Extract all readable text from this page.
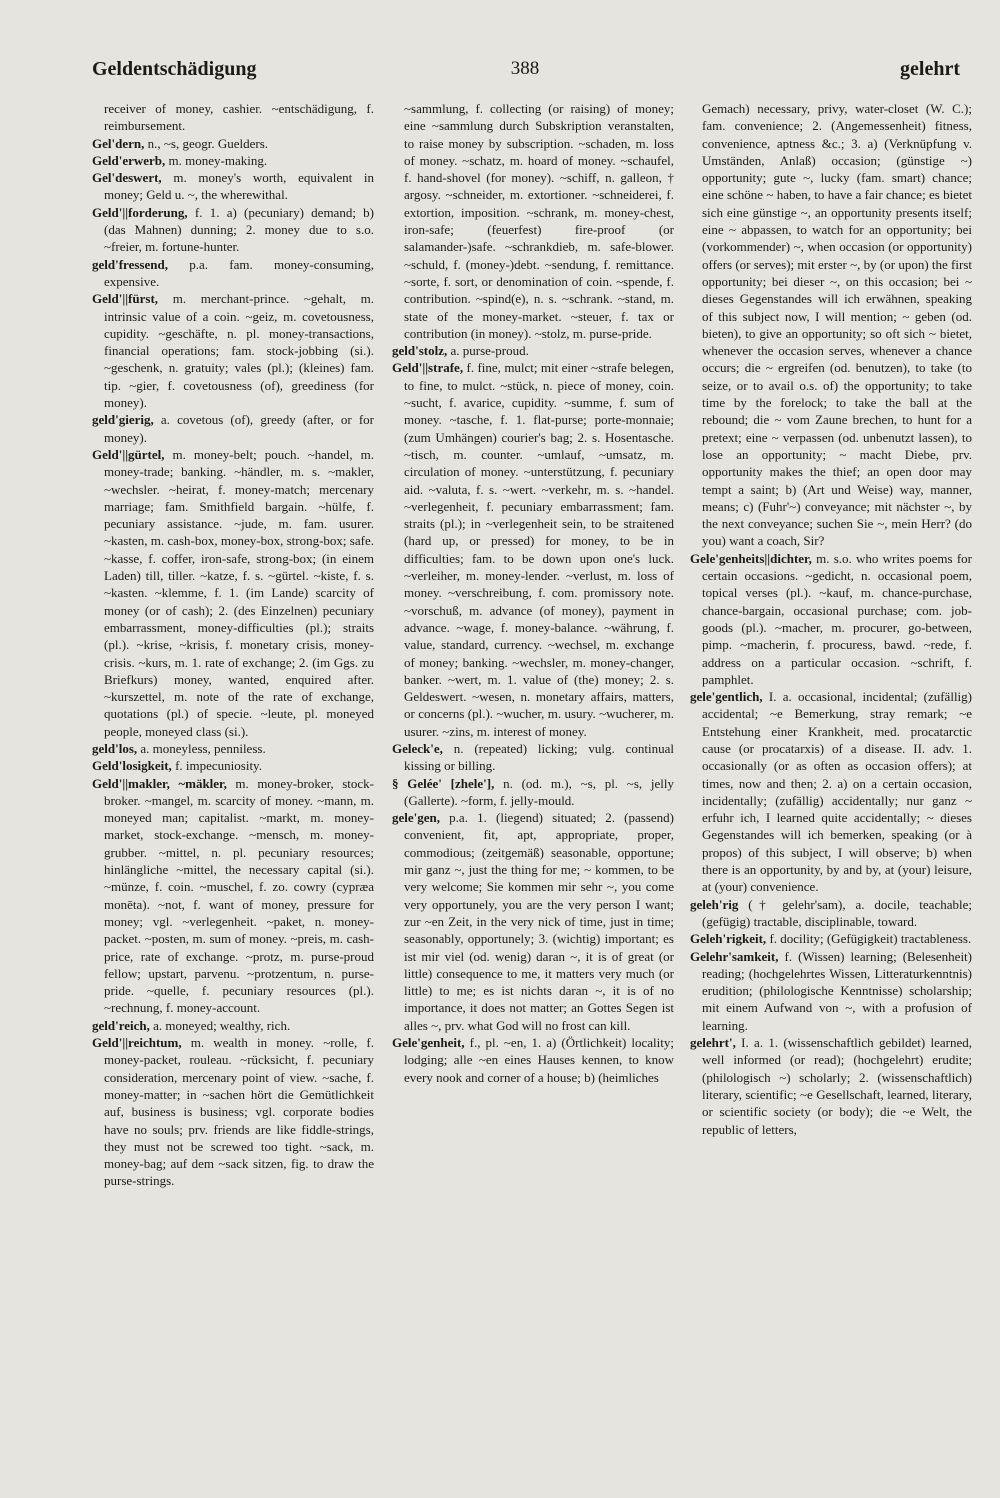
Geldentschädigung	388	gelehrt

receiver of money, cashier. ~entschädigung, f. reimbursement.

Gel'dern, n., ~s, geogr. Guelders.

Geld'erwerb, m. money-making.

Gel'deswert, m. money's worth, equivalent in money; Geld u. ~, the wherewithal.

Geld'||forderung, f. 1. a) (pecuniary) demand; b) (das Mahnen) dunning; 2. money due to s.o. ~freier, m. fortune-hunter.

geld'fressend, p.a. fam. money-consuming, expensive.

Geld'||fürst, m. merchant-prince. ~gehalt, m. intrinsic value of a coin. ~geiz, m. covetousness, cupidity. ~geschäfte, n. pl. money-transactions, financial operations; fam. stock-jobbing (si.). ~geschenk, n. gratuity; vales (pl.); (kleines) fam. tip. ~gier, f. covetousness (of), greediness (for money).

geld'gierig, a. covetous (of), greedy (after, or for money).

Geld'||gürtel, m. money-belt; pouch. ~handel, m. money-trade; banking. ~händler, m. s. ~makler, ~wechsler. ~heirat, f. money-match; mercenary marriage; fam. Smithfield bargain. ~hülfe, f. pecuniary assistance. ~jude, m. fam. usurer. ~kasten, m. cash-box, money-box, strong-box; safe. ~kasse, f. coffer, iron-safe, strong-box; (in einem Laden) till, tiller. ~katze, f. s. ~gürtel. ~kiste, f. s. ~kasten. ~klemme, f. 1. (im Lande) scarcity of money (or of cash); 2. (des Einzelnen) pecuniary embarrassment, money-difficulties (pl.); straits (pl.). ~krise, ~krisis, f. monetary crisis, money-crisis. ~kurs, m. 1. rate of exchange; 2. (im Ggs. zu Briefkurs) money, wanted, enquired after. ~kurszettel, m. note of the rate of exchange, quotations (pl.) of specie. ~leute, pl. moneyed people, moneyed class (si.).

geld'los, a. moneyless, penniless.

Geld'losigkeit, f. impecuniosity.

Geld'||makler, ~mäkler, m. money-broker, stock-broker. ~mangel, m. scarcity of money. ~mann, m. moneyed man; capitalist. ~markt, m. money-market, stock-exchange. ~mensch, m. money-grubber. ~mittel, n. pl. pecuniary resources; hinlängliche ~mittel, the necessary capital (si.). ~münze, f. coin. ~muschel, f. zo. cowry (cypræa monēta). ~not, f. want of money, pressure for money; vgl. ~verlegenheit. ~paket, n. money-packet. ~posten, m. sum of money. ~preis, m. cash-price, rate of exchange. ~protz, m. purse-proud fellow; upstart, parvenu. ~protzentum, n. purse-pride. ~quelle, f. pecuniary resources (pl.). ~rechnung, f. money-account.

geld'reich, a. moneyed; wealthy, rich.

Geld'||reichtum, m. wealth in money. ~rolle, f. money-packet, rouleau. ~rücksicht, f. pecuniary consideration, mercenary point of view. ~sache, f. money-matter; in ~sachen hört die Gemütlichkeit auf, business is business; vgl. corporate bodies have no souls; prv. friends are like fiddle-strings, they must not be screwed too tight. ~sack, m. money-bag; auf dem ~sack sitzen, fig. to draw the purse-strings.

~sammlung, f. collecting (or raising) of money; eine ~sammlung durch Subskription veranstalten, to raise money by subscription. ~schaden, m. loss of money. ~schatz, m. hoard of money. ~schaufel, f. hand-shovel (for money). ~schiff, n. galleon, † argosy. ~schneider, m. extortioner. ~schneiderei, f. extortion, imposition. ~schrank, m. money-chest, iron-safe; (feuerfest) fire-proof (or salamander-)safe. ~schrankdieb, m. safe-blower. ~schuld, f. (money-)debt. ~sendung, f. remittance. ~sorte, f. sort, or denomination of coin. ~spende, f. contribution. ~spind(e), n. s. ~schrank. ~stand, m. state of the money-market. ~steuer, f. tax or contribution (in money). ~stolz, m. purse-pride.

geld'stolz, a. purse-proud.

Geld'||strafe, f. fine, mulct; mit einer ~strafe belegen, to fine, to mulct. ~stück, n. piece of money, coin. ~sucht, f. avarice, cupidity. ~summe, f. sum of money. ~tasche, f. 1. flat-purse; porte-monnaie; (zum Umhängen) courier's bag; 2. s. Hosentasche. ~tisch, m. counter. ~umlauf, ~umsatz, m. circulation of money. ~unterstützung, f. pecuniary aid. ~valuta, f. s. ~wert. ~verkehr, m. s. ~handel. ~verlegenheit, f. pecuniary embarrassment; fam. straits (pl.); in ~verlegenheit sein, to be straitened (hard up, or pressed) for money, to be in difficulties; fam. to be down upon one's luck. ~verleiher, m. money-lender. ~verlust, m. loss of money. ~verschreibung, f. com. promissory note. ~vorschuß, m. advance (of money), payment in advance. ~wage, f. money-balance. ~währung, f. value, standard, currency. ~wechsel, m. exchange of money; banking. ~wechsler, m. money-changer, banker. ~wert, m. 1. value of (the) money; 2. s. Geldeswert. ~wesen, n. monetary affairs, matters, or concerns (pl.). ~wucher, m. usury. ~wucherer, m. usurer. ~zins, m. interest of money.

Geleck'e, n. (repeated) licking; vulg. continual kissing or billing.

§ Gelée' [zhele'], n. (od. m.), ~s, pl. ~s, jelly (Gallerte). ~form, f. jelly-mould.

gele'gen, p.a. 1. (liegend) situated; 2. (passend) convenient, fit, apt, appropriate, proper, commodious; (zeitgemäß) seasonable, opportune; mir ganz ~, just the thing for me; ~ kommen, to be very welcome; Sie kommen mir sehr ~, you come very opportunely, you are the very person I want; zur ~en Zeit, in the very nick of time, just in time; seasonably, opportunely; 3. (wichtig) important; es ist mir viel (od. wenig) daran ~, it is of great (or little) consequence to me, it matters very much (or little) to me; es ist nichts daran ~, it is of no importance, it does not matter; an Gottes Segen ist alles ~, prv. what God will no frost can kill.

Gele'genheit, f., pl. ~en, 1. a) (Örtlichkeit) locality; lodging; alle ~en eines Hauses kennen, to know every nook and corner of a house; b) (heimliches

Gemach) necessary, privy, water-closet (W. C.); fam. convenience; 2. (Angemessenheit) fitness, convenience, aptness &c.; 3. a) (Verknüpfung v. Umständen, Anlaß) occasion; (günstige ~) opportunity; gute ~, lucky (fam. smart) chance; eine schöne ~ haben, to have a fair chance; es bietet sich eine günstige ~, an opportunity presents itself; eine ~ abpassen, to watch for an opportunity; bei (vorkommender) ~, when occasion (or opportunity) offers (or serves); mit erster ~, by (or upon) the first opportunity; bei dieser ~, on this occasion; bei ~ dieses Gegenstandes will ich erwähnen, speaking of this subject now, I will mention; ~ geben (od. bieten), to give an opportunity; so oft sich ~ bietet, whenever the occasion serves, whenever a chance occurs; die ~ ergreifen (od. benutzen), to take (to seize, or to avail o.s. of) the opportunity; to take time by the forelock; to take the ball at the rebound; die ~ vom Zaune brechen, to hunt for a pretext; eine ~ verpassen (od. unbenutzt lassen), to lose an opportunity; ~ macht Diebe, prv. opportunity makes the thief; an open door may tempt a saint; b) (Art und Weise) way, manner, means; c) (Fuhr'~) conveyance; mit nächster ~, by the next conveyance; suchen Sie ~, mein Herr? (do you) want a coach, Sir?

Gele'genheits||dichter, m. s.o. who writes poems for certain occasions. ~gedicht, n. occasional poem, topical verses (pl.). ~kauf, m. chance-purchase, chance-bargain, occasional purchase; com. job-goods (pl.). ~macher, m. procurer, go-between, pimp. ~macherin, f. procuress, bawd. ~rede, f. address on a particular occasion. ~schrift, f. pamphlet.

gele'gentlich, I. a. occasional, incidental; (zufällig) accidental; ~e Bemerkung, stray remark; ~e Entstehung einer Krankheit, med. procatarctic cause (or procatarxis) of a disease. II. adv. 1. occasionally (or as often as occasion offers); at times, now and then; 2. a) on a certain occasion, incidentally; (zufällig) accidentally; nur ganz ~ erfuhr ich, I learned quite accidentally; ~ dieses Gegenstandes will ich bemerken, speaking (or à propos) of this subject, I will observe; b) when there is an opportunity, by and by, at (your) leisure, at (your) convenience.

geleh'rig († gelehr'sam), a. docile, teachable; (gefügig) tractable, disciplinable, toward.

Geleh'rigkeit, f. docility; (Gefügigkeit) tractableness.

Gelehr'samkeit, f. (Wissen) learning; (Belesenheit) reading; (hochgelehrtes Wissen, Litteraturkenntnis) erudition; (philologische Kenntnisse) scholarship; mit einem Aufwand von ~, with a profusion of learning.

gelehrt', I. a. 1. (wissenschaftlich gebildet) learned, well informed (or read); (hochgelehrt) erudite; (philologisch ~) scholarly; 2. (wissenschaftlich) literary, scientific; ~e Gesellschaft, learned, literary, or scientific society (or body); die ~e Welt, the republic of letters,
